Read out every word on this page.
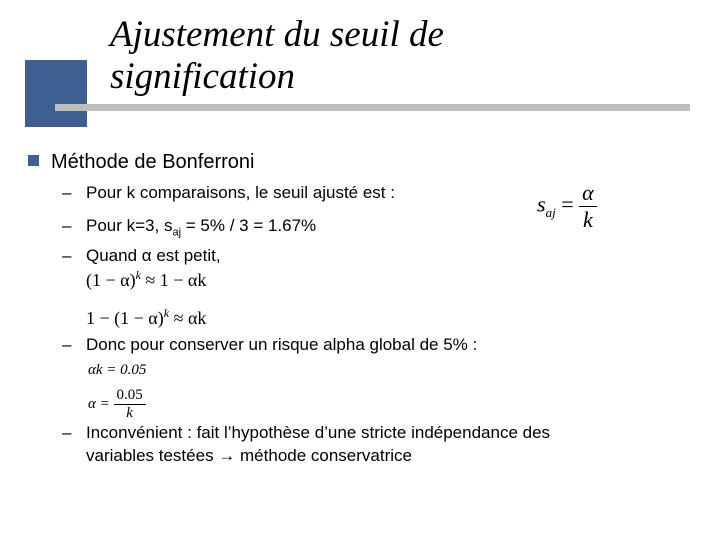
Ajustement du seuil de
signification
Méthode de Bonferroni
– Pour k comparaisons, le seuil ajusté est :	$s_{aj} = \frac{\alpha}{k}$
– Pour k=3, $s_{aj} = 5\% / 3 = 1.67\%$
– Quand α est petit,
$(1 - \alpha)^k \approx 1 - \alpha k$
$1 - (1 - \alpha)^k \approx \alpha k$
– Donc pour conserver un risque alpha global de 5% :
αk = 0.05
$\alpha = \frac{0.05}{k}$
– Inconvénient : fait l’hypothèse d’une stricte indépendance des
variables testées → méthode conservatrice
